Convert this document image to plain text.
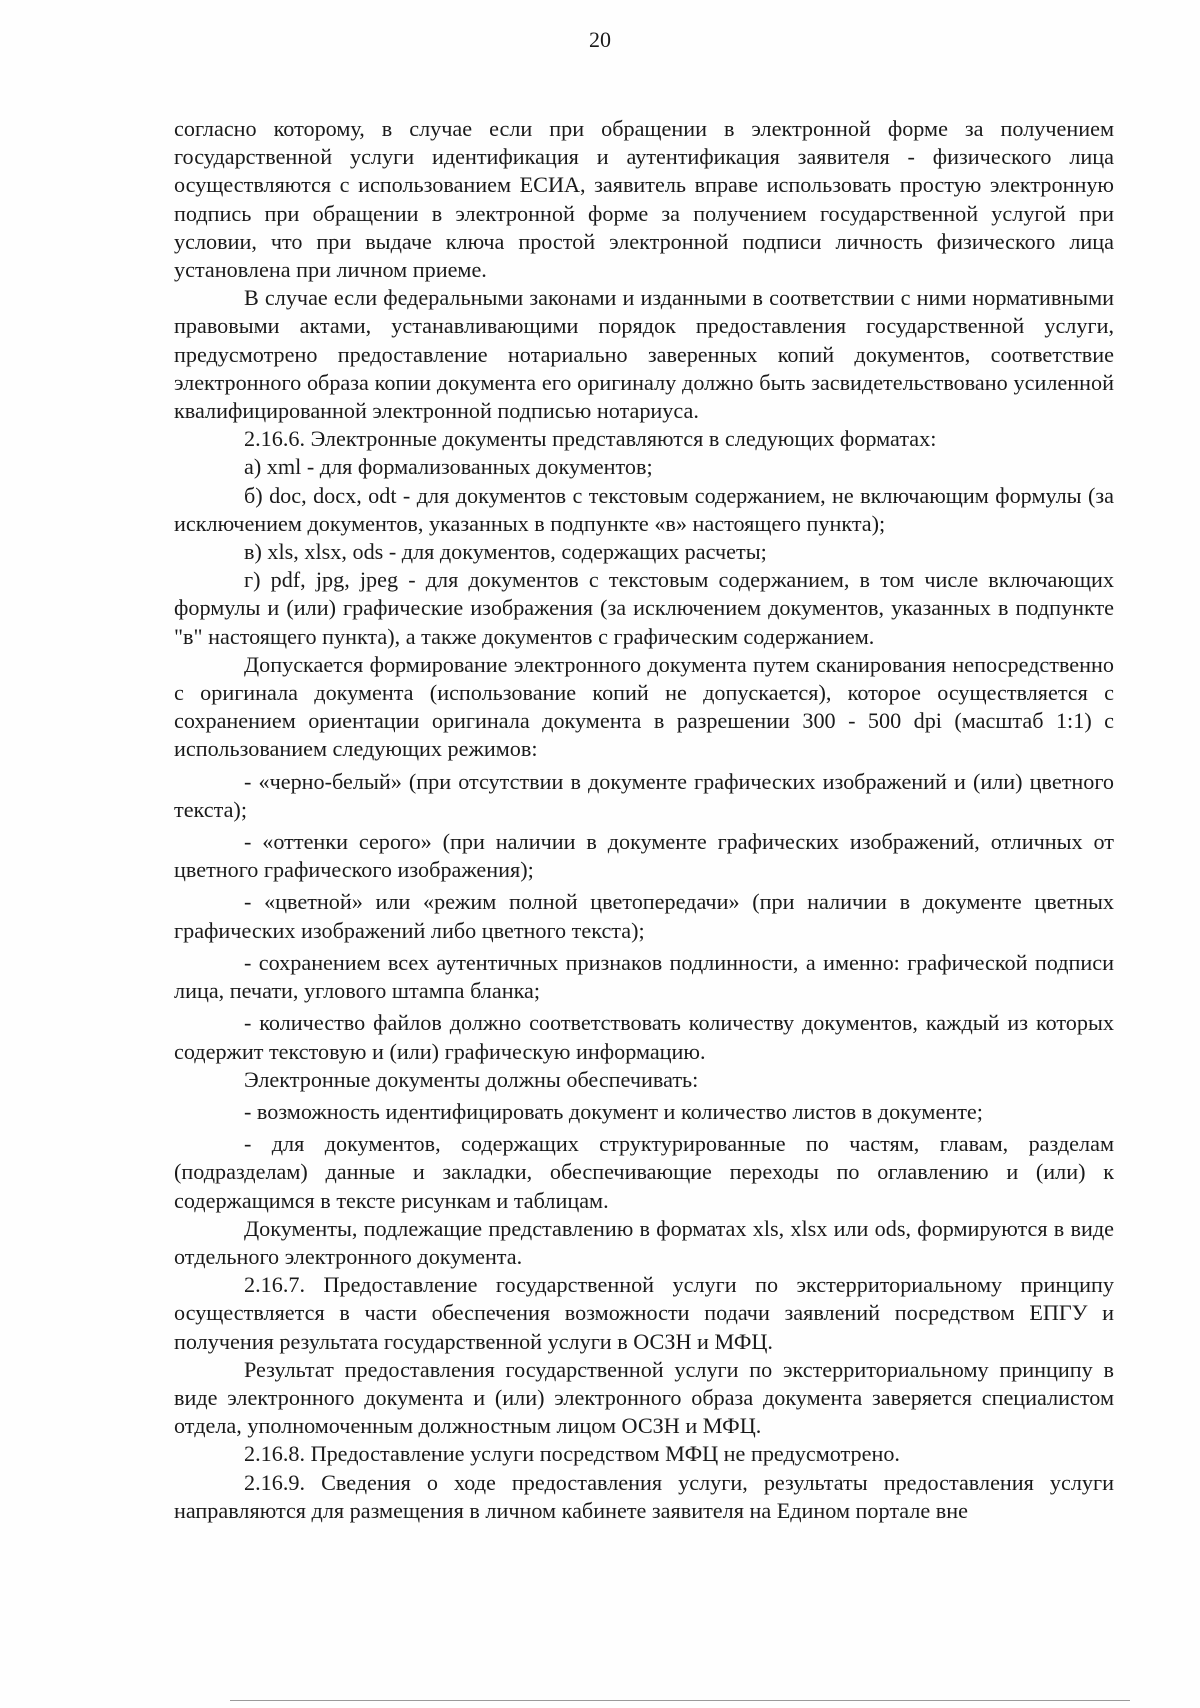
20

согласно которому, в случае если при обращении в электронной форме за получением государственной услуги идентификация и аутентификация заявителя - физического лица осуществляются с использованием ЕСИА, заявитель вправе использовать простую электронную подпись при обращении в электронной форме за получением государственной услугой при условии, что при выдаче ключа простой электронной подписи личность физического лица установлена при личном приеме.

В случае если федеральными законами и изданными в соответствии с ними нормативными правовыми актами, устанавливающими порядок предоставления государственной услуги, предусмотрено предоставление нотариально заверенных копий документов, соответствие электронного образа копии документа его оригиналу должно быть засвидетельствовано усиленной квалифицированной электронной подписью нотариуса.

2.16.6. Электронные документы представляются в следующих форматах:

а) xml - для формализованных документов;

б) doc, docx, odt - для документов с текстовым содержанием, не включающим формулы (за исключением документов, указанных в подпункте «в» настоящего пункта);

в) xls, xlsx, ods - для документов, содержащих расчеты;

г) pdf, jpg, jpeg - для документов с текстовым содержанием, в том числе включающих формулы и (или) графические изображения (за исключением документов, указанных в подпункте "в" настоящего пункта), а также документов с графическим содержанием.

Допускается формирование электронного документа путем сканирования непосредственно с оригинала документа (использование копий не допускается), которое осуществляется с сохранением ориентации оригинала документа в разрешении 300 - 500 dpi (масштаб 1:1) с использованием следующих режимов:

- «черно-белый» (при отсутствии в документе графических изображений и (или) цветного текста);

- «оттенки серого» (при наличии в документе графических изображений, отличных от цветного графического изображения);

- «цветной» или «режим полной цветопередачи» (при наличии в документе цветных графических изображений либо цветного текста);

- сохранением всех аутентичных признаков подлинности, а именно: графической подписи лица, печати, углового штампа бланка;

- количество файлов должно соответствовать количеству документов, каждый из которых содержит текстовую и (или) графическую информацию.

Электронные документы должны обеспечивать:

- возможность идентифицировать документ и количество листов в документе;

- для документов, содержащих структурированные по частям, главам, разделам (подразделам) данные и закладки, обеспечивающие переходы по оглавлению и (или) к содержащимся в тексте рисункам и таблицам.

Документы, подлежащие представлению в форматах xls, xlsx или ods, формируются в виде отдельного электронного документа.

2.16.7. Предоставление государственной услуги по экстерриториальному принципу осуществляется в части обеспечения возможности подачи заявлений посредством ЕПГУ и получения результата государственной услуги в ОСЗН и МФЦ.

Результат предоставления государственной услуги по экстерриториальному принципу в виде электронного документа и (или) электронного образа документа заверяется специалистом отдела, уполномоченным должностным лицом ОСЗН и МФЦ.

2.16.8. Предоставление услуги посредством МФЦ не предусмотрено.

2.16.9. Сведения о ходе предоставления услуги, результаты предоставления услуги направляются для размещения в личном кабинете заявителя на Едином портале вне
